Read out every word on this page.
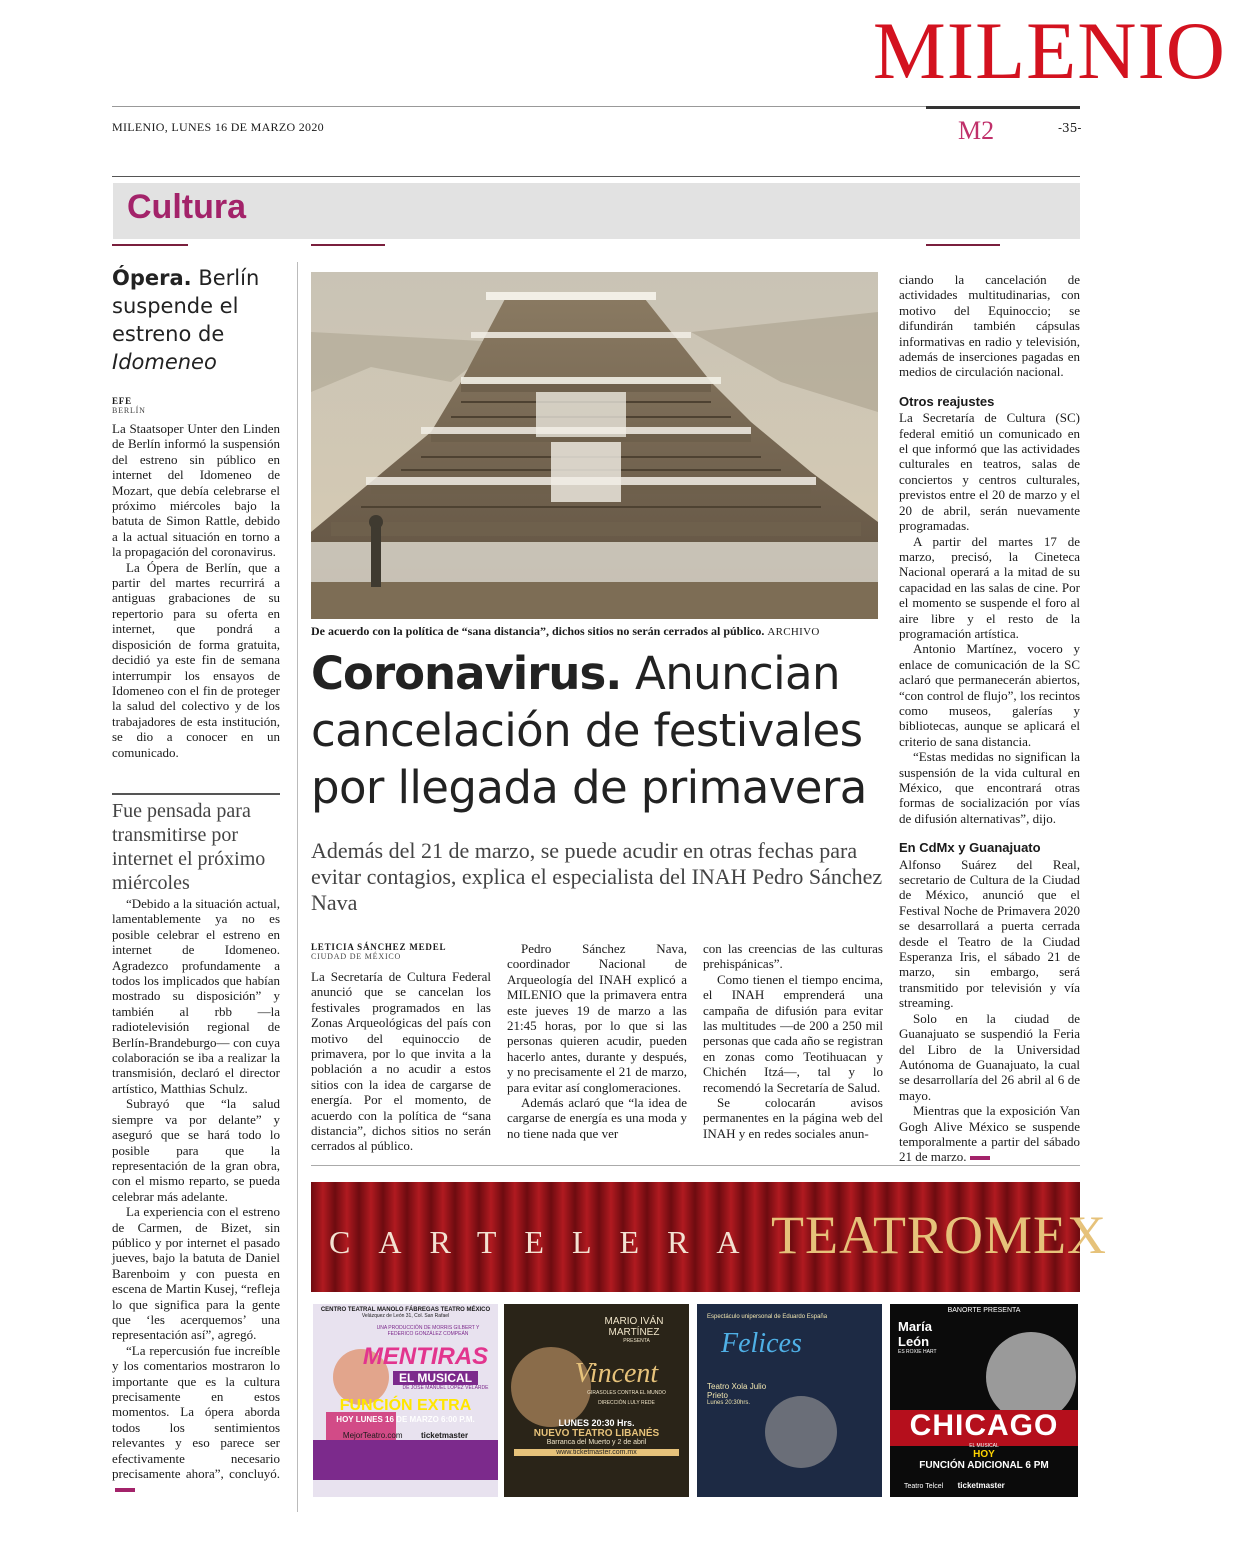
MILENIO
MILENIO, LUNES 16 DE MARZO 2020	M2	-35-
Cultura
Ópera. Berlín suspende el estreno de Idomeneo
EFE
BERLÍN

La Staatsoper Unter den Linden de Berlín informó la suspensión del estreno sin público en internet del Idomeneo de Mozart, que debía celebrarse el próximo miércoles bajo la batuta de Simon Rattle, debido a la actual situación en torno a la propagación del coronavirus.

La Ópera de Berlín, que a partir del martes recurrirá a antiguas grabaciones de su repertorio para su oferta en internet, que pondrá a disposición de forma gratuita, decidió ya este fin de semana interrumpir los ensayos de Idomeneo con el fin de proteger la salud del colectivo y de los trabajadores de esta institución, se dio a conocer en un comunicado.

Fue pensada para transmitirse por internet el próximo miércoles

“Debido a la situación actual, lamentablemente ya no es posible celebrar el estreno en internet de Idomeneo. Agradezco profundamente a todos los implicados que habían mostrado su disposición” y también al rbb —la radiotelevisión regional de Berlín-Brandeburgo— con cuya colaboración se iba a realizar la transmisión, declaró el director artístico, Matthias Schulz.

Subrayó que “la salud siempre va por delante” y aseguró que se hará todo lo posible para que la representación de la gran obra, con el mismo reparto, se pueda celebrar más adelante.

La experiencia con el estreno de Carmen, de Bizet, sin público y por internet el pasado jueves, bajo la batuta de Daniel Barenboim y con puesta en escena de Martin Kusej, “refleja lo que significa para la gente que ‘les acerquemos’ una representación así”, agregó.

“La repercusión fue increíble y los comentarios mostraron lo importante que es la cultura precisamente en estos momentos. La ópera aborda todos los sentimientos relevantes y eso parece ser efectivamente necesario precisamente ahora”, concluyó.

De acuerdo con la política de “sana distancia”, dichos sitios no serán cerrados al público. ARCHIVO
Coronavirus. Anuncian cancelación de festivales por llegada de primavera
Además del 21 de marzo, se puede acudir en otras fechas para evitar contagios, explica el especialista del INAH Pedro Sánchez Nava
LETICIA SÁNCHEZ MEDEL
CIUDAD DE MÉXICO

La Secretaría de Cultura Federal anunció que se cancelan los festivales programados en las Zonas Arqueológicas del país con motivo del equinoccio de primavera, por lo que invita a la población a no acudir a estos sitios con la idea de cargarse de energía. Por el momento, de acuerdo con la política de “sana distancia”, dichos sitios no serán cerrados al público.

Pedro Sánchez Nava, coordinador Nacional de Arqueología del INAH explicó a MILENIO que la primavera entra este jueves 19 de marzo a las 21:45 horas, por lo que si las personas quieren acudir, pueden hacerlo antes, durante y después, y no precisamente el 21 de marzo, para evitar así conglomeraciones.

Además aclaró que “la idea de cargarse de energía es una moda y no tiene nada que ver

con las creencias de las culturas prehispánicas”.

Como tienen el tiempo encima, el INAH emprenderá una campaña de difusión para evitar las multitudes —de 200 a 250 mil personas que cada año se registran en zonas como Teotihuacan y Chichén Itzá—, tal y lo recomendó la Secretaría de Salud.

Se colocarán avisos permanentes en la página web del INAH y en redes sociales anun-

ciando la cancelación de actividades multitudinarias, con motivo del Equinoccio; se difundirán también cápsulas informativas en radio y televisión, además de inserciones pagadas en medios de circulación nacional.

Otros reajustes

La Secretaría de Cultura (SC) federal emitió un comunicado en el que informó que las actividades culturales en teatros, salas de conciertos y centros culturales, previstos entre el 20 de marzo y el 20 de abril, serán nuevamente programadas.

A partir del martes 17 de marzo, precisó, la Cineteca Nacional operará a la mitad de su capacidad en las salas de cine. Por el momento se suspende el foro al aire libre y el resto de la programación artística.

Antonio Martínez, vocero y enlace de comunicación de la SC aclaró que permanecerán abiertos, “con control de flujo”, los recintos como museos, galerías y bibliotecas, aunque se aplicará el criterio de sana distancia.

“Estas medidas no significan la suspensión de la vida cultural en México, que encontrará otras formas de socialización por vías de difusión alternativas”, dijo.

En CdMx y Guanajuato

Alfonso Suárez del Real, secretario de Cultura de la Ciudad de México, anunció que el Festival Noche de Primavera 2020 se desarrollará a puerta cerrada desde el Teatro de la Ciudad Esperanza Iris, el sábado 21 de marzo, sin embargo, será transmitido por televisión y vía streaming.

Solo en la ciudad de Guanajuato se suspendió la Feria del Libro de la Universidad Autónoma de Guanajuato, la cual se desarrollaría del 26 abril al 6 de mayo.

Mientras que la exposición Van Gogh Alive México se suspende temporalmente a partir del sábado 21 de marzo.

CARTELERA TEATROMEX
CENTRO TEATRAL MANOLO FÁBREGAS TEATRO MÉXICO
Velázquez de León 31, Col. San Rafael
UNA PRODUCCIÓN DE MORRIS GILBERT Y FEDERICO GONZÁLEZ COMPEÁN
MENTIRAS
EL MUSICAL
DE JOSÉ MANUEL LÓPEZ VELARDE
FUNCIÓN EXTRA
HOY LUNES 16 DE MARZO 6:00 P.M.
MejorTeatro.com ticketmaster
MARIO IVÁN MARTÍNEZ
PRESENTA
Vincent
GIRASOLES CONTRA EL MUNDO
DIRECCIÓN LULY REDE
LUNES 20:30 Hrs.
NUEVO TEATRO LIBANÉS
Barranca del Muerto y 2 de abril
www.ticketmaster.com.mx
Espectáculo unipersonal de Eduardo España
Felices
Teatro Xola Julio Prieto
Lunes 20:30hrs.
BANORTE PRESENTA
María León
ES ROXIE HART
CHICAGO
EL MUSICAL
HOY
FUNCIÓN ADICIONAL 6 PM
Teatro Telcel ticketmaster
